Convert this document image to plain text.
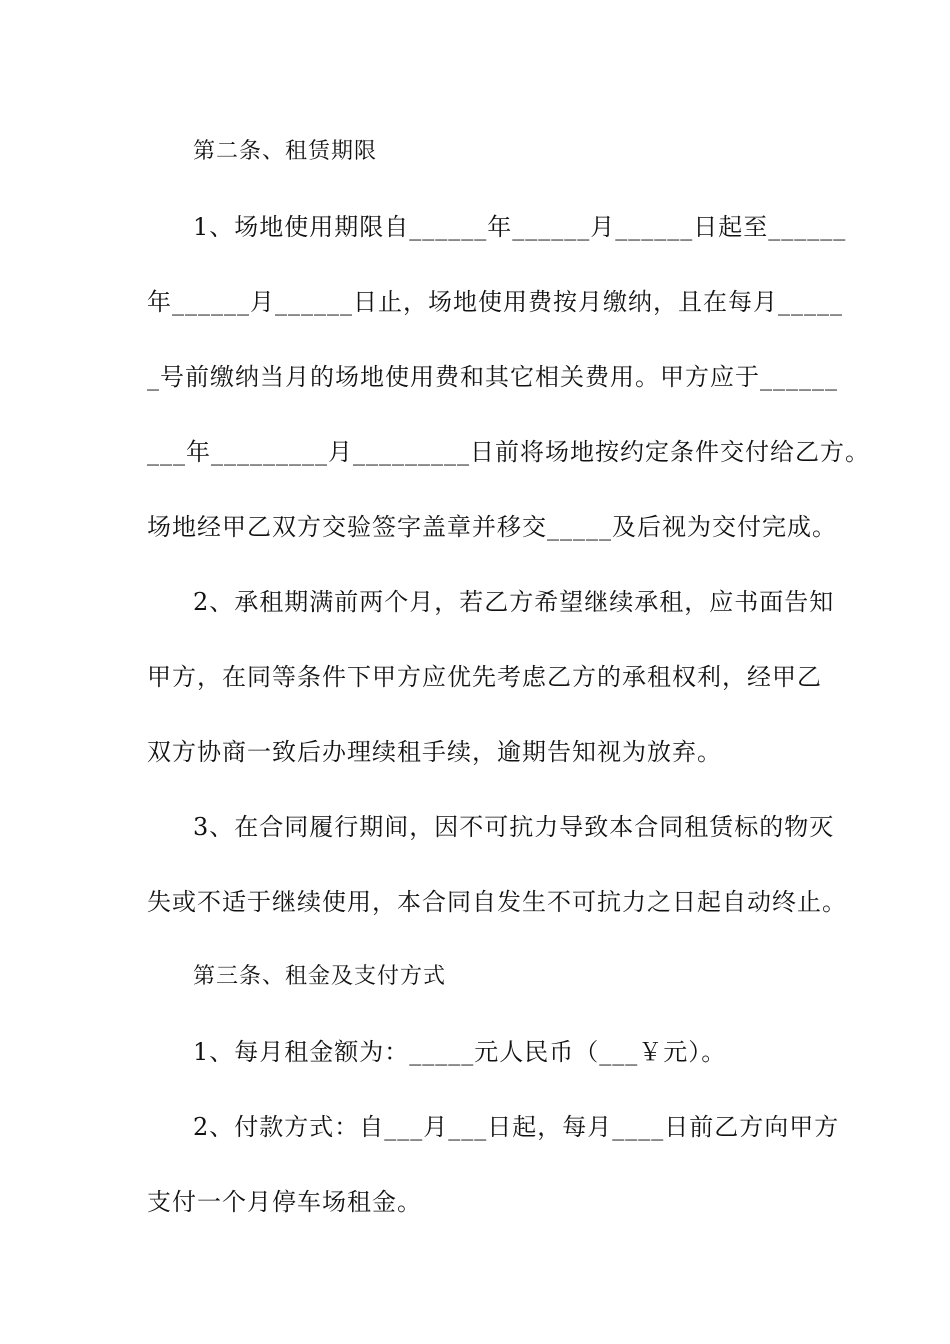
第二条、租赁期限
1、场地使用期限自______年______月______日起至______
年______月______日止，场地使用费按月缴纳，且在每月_____
_号前缴纳当月的场地使用费和其它相关费用。甲方应于______
___年_________月_________日前将场地按约定条件交付给乙方。
场地经甲乙双方交验签字盖章并移交_____及后视为交付完成。
2、承租期满前两个月，若乙方希望继续承租，应书面告知
甲方，在同等条件下甲方应优先考虑乙方的承租权利，经甲乙
双方协商一致后办理续租手续，逾期告知视为放弃。
3、在合同履行期间，因不可抗力导致本合同租赁标的物灭
失或不适于继续使用，本合同自发生不可抗力之日起自动终止。
第三条、租金及支付方式
1、每月租金额为：_____元人民币（___￥元）。
2、付款方式：自___月___日起，每月____日前乙方向甲方
支付一个月停车场租金。
